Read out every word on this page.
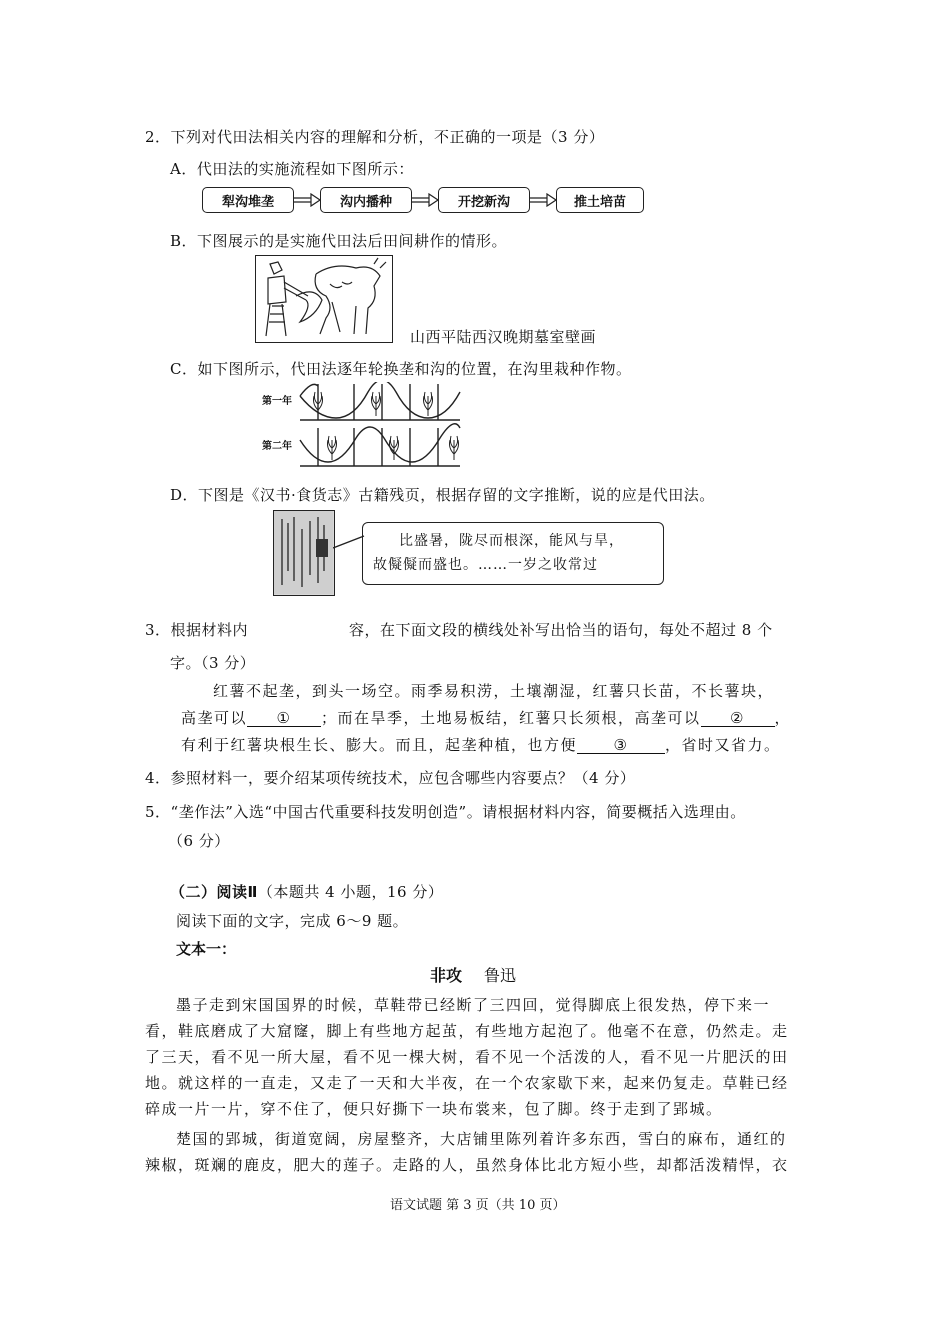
2．下列对代田法相关内容的理解和分析，不正确的一项是（3 分）
A．代田法的实施流程如下图所示：
犁沟堆垄	沟内播种	开挖新沟	推土培苗
B．下图展示的是实施代田法后田间耕作的情形。
山西平陆西汉晚期墓室壁画
C．如下图所示，代田法逐年轮换垄和沟的位置，在沟里栽种作物。
第一年
第二年
D．下图是《汉书·食货志》古籍残页，根据存留的文字推断，说的应是代田法。
比盛暑，陇尽而根深，能风与旱，
故儗儗而盛也。……一岁之收常过
3．根据材料内	容，在下面文段的横线处补写出恰当的语句，每处不超过 8 个
字。（3 分）
红薯不起垄，到头一场空。雨季易积涝，土壤潮湿，红薯只长苗，不长薯块，
高垄可以 ① ；而在旱季，土地易板结，红薯只长须根，高垄可以 ② ，
有利于红薯块根生长、膨大。而且，起垄种植，也方便 ③ ，省时又省力。
4．参照材料一，要介绍某项传统技术，应包含哪些内容要点？（4 分）
5．“垄作法”入选“中国古代重要科技发明创造”。请根据材料内容，简要概括入选理由。
（6 分）
（二）阅读Ⅱ（本题共 4 小题，16 分）
阅读下面的文字，完成 6～9 题。
文本一：
非攻 鲁迅
墨子走到宋国国界的时候，草鞋带已经断了三四回，觉得脚底上很发热，停下来一
看，鞋底磨成了大窟窿，脚上有些地方起茧，有些地方起泡了。他毫不在意，仍然走。走
了三天，看不见一所大屋，看不见一棵大树，看不见一个活泼的人，看不见一片肥沃的田
地。就这样的一直走，又走了一天和大半夜，在一个农家歇下来，起来仍复走。草鞋已经
碎成一片一片，穿不住了，便只好撕下一块布裳来，包了脚。终于走到了郢城。
楚国的郢城，街道宽阔，房屋整齐，大店铺里陈列着许多东西，雪白的麻布，通红的
辣椒，斑斓的鹿皮，肥大的莲子。走路的人，虽然身体比北方短小些，却都活泼精悍，衣
语文试题 第 3 页（共 10 页）
